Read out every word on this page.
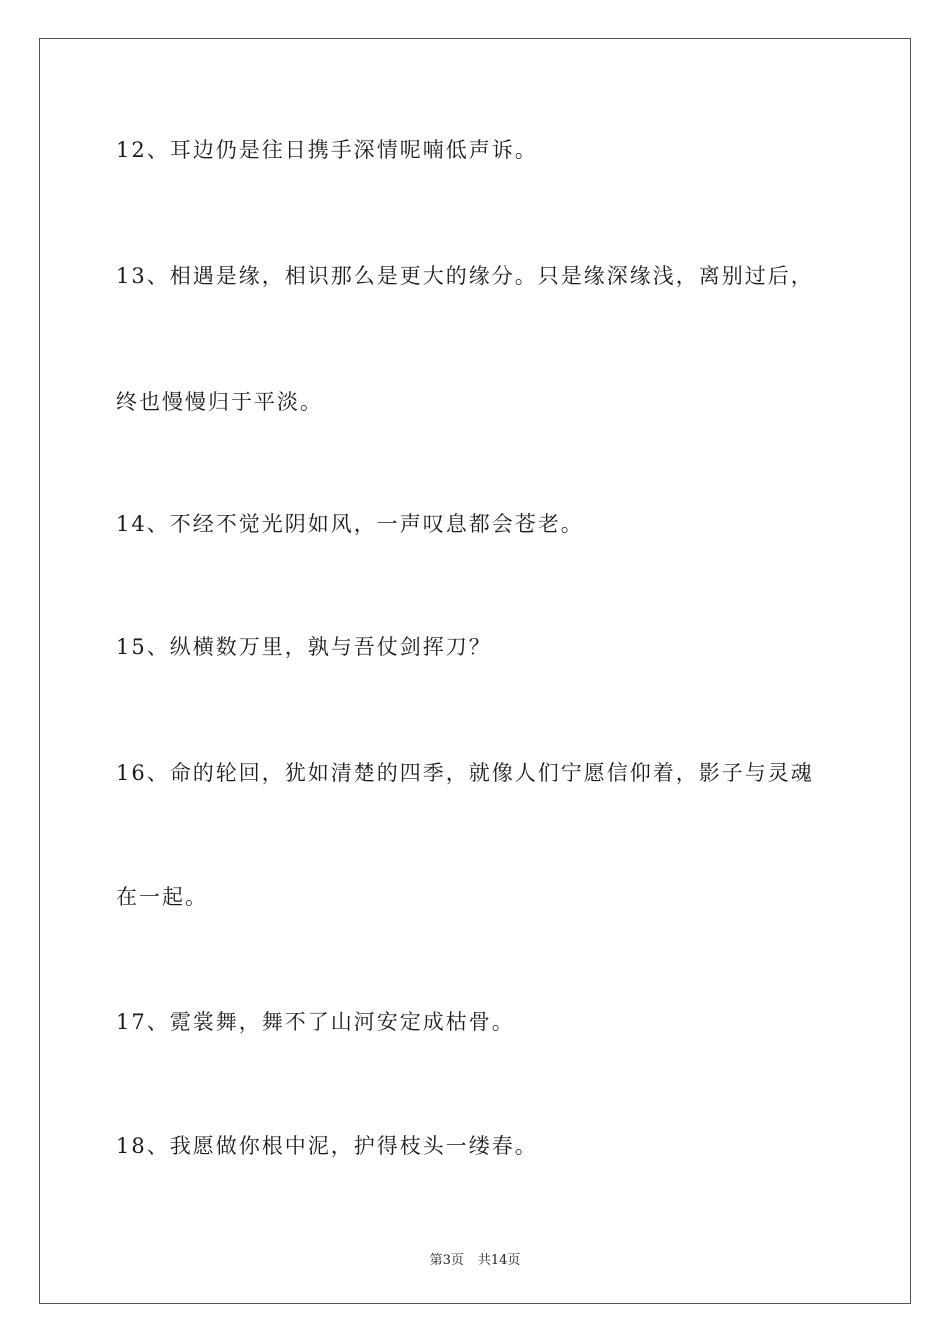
12、耳边仍是往日携手深情呢喃低声诉。
13、相遇是缘，相识那么是更大的缘分。只是缘深缘浅，离别过后，
终也慢慢归于平淡。
14、不经不觉光阴如风，一声叹息都会苍老。
15、纵横数万里，孰与吾仗剑挥刀？
16、命的轮回，犹如清楚的四季，就像人们宁愿信仰着，影子与灵魂
在一起。
17、霓裳舞，舞不了山河安定成枯骨。
18、我愿做你根中泥，护得枝头一缕春。
第3页 共14页
